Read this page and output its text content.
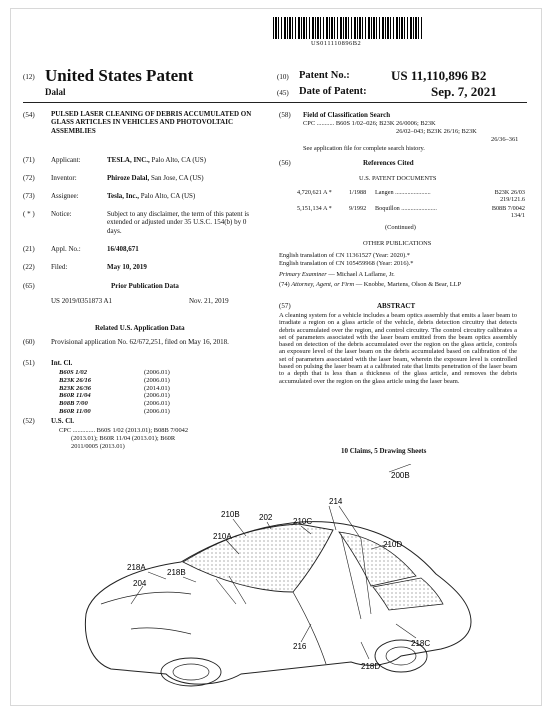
US011110896B2
(12) United States Patent
Dalal
(10) Patent No.:	US 11,110,896 B2
(45) Date of Patent:	Sep. 7, 2021
(54) PULSED LASER CLEANING OF DEBRIS ACCUMULATED ON GLASS ARTICLES IN VEHICLES AND PHOTOVOLTAIC ASSEMBLIES
(71) Applicant:	TESLA, INC., Palo Alto, CA (US)
(72) Inventor:	Phiroze Dalal, San Jose, CA (US)
(73) Assignee:	Tesla, Inc., Palo Alto, CA (US)
( * ) Notice:	Subject to any disclaimer, the term of this patent is extended or adjusted under 35 U.S.C. 154(b) by 0 days.
(21) Appl. No.:	16/408,671
(22) Filed:	May 10, 2019
(65)	Prior Publication Data
US 2019/0351873 A1	Nov. 21, 2019
Related U.S. Application Data
(60) Provisional application No. 62/672,251, filed on May 16, 2018.
(51) Int. Cl.
B60S 1/02	(2006.01)
B23K 26/16	(2006.01)
B23K 26/36	(2014.01)
B60R 11/04	(2006.01)
B08B 7/00	(2006.01)
B60R 11/00	(2006.01)
(52) U.S. Cl.
CPC .............. B60S 1/02 (2013.01); B08B 7/0042
(2013.01); B60R 11/04 (2013.01); B60R
2011/0005 (2013.01)
(58) Field of Classification Search
CPC ........... B60S 1/02–026; B23K 26/0006; B23K
26/02–043; B23K 26/16; B23K
26/36–361
See application file for complete search history.
(56)	References Cited
U.S. PATENT DOCUMENTS
4,720,621 A *	1/1988 Langen .......................	B23K 26/03
219/121.6
5,151,134 A *	9/1992 Boquillon .......................	B08B 7/0042
134/1
(Continued)
OTHER PUBLICATIONS
English translation of CN 11361527 (Year: 2020).*
English translation of CN 105459968 (Year: 2016).*
Primary Examiner — Michael A Laflame, Jr.
(74) Attorney, Agent, or Firm — Knobbe, Martens, Olson & Bear, LLP
(57)	ABSTRACT
A cleaning system for a vehicle includes a beam optics assembly that emits a laser beam to irradiate a region on a glass article of the vehicle, debris detection circuitry that detects debris accumulated over the region, and control circuitry. The control circuitry calibrates a set of parameters associated with the laser beam emitted from the beam optics assembly based on detection of the debris accumulated over the region on the glass article, controls an exposure level of the laser beam on the debris accumulated based on calibration of the set of parameters associated with the laser beam, wherein the exposure level is controlled based on pulsing the laser beam at a calibrated rate that limits penetration of the laser beam to a depth that is less than a thickness of the glass article, and removes the debris accumulated over the region on the glass article using the laser beam.
10 Claims, 5 Drawing Sheets
200B
214
210B 202	210C
210A
210D
218A
218B
204
216	218C
218D
